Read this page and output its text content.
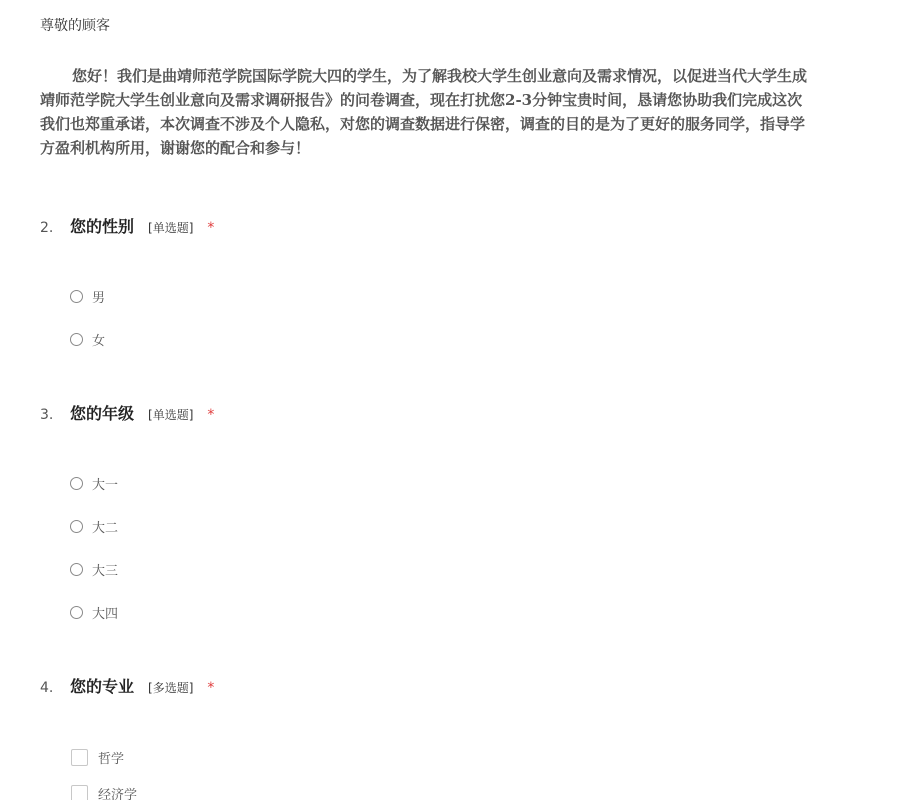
尊敬的顾客
您好！我们是曲靖师范学院国际学院大四的学生，为了解我校大学生创业意向及需求情况，以促进当代大学生成
靖师范学院大学生创业意向及需求调研报告》的问卷调查，现在打扰您2-3分钟宝贵时间，恳请您协助我们完成这次
我们也郑重承诺，本次调查不涉及个人隐私，对您的调查数据进行保密，调查的目的是为了更好的服务同学，指导学
方盈利机构所用，谢谢您的配合和参与！
2.	您的性别 [单选题] *
男
女
3.	您的年级 [单选题] *
大一
大二
大三
大四
4.	您的专业 [多选题] *
哲学
经济学
